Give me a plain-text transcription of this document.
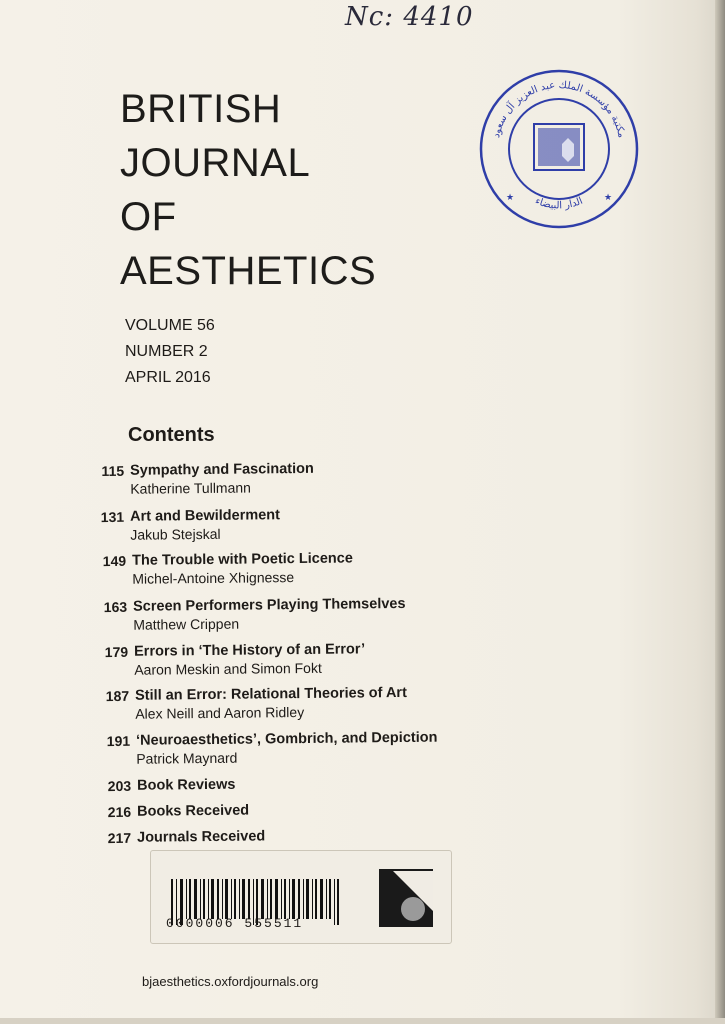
Nc: 4410
BRITISH
JOURNAL
OF
AESTHETICS
VOLUME 56
NUMBER 2
APRIL 2016
Contents
115 Sympathy and Fascination
Katherine Tullmann
131 Art and Bewilderment
Jakub Stejskal
149 The Trouble with Poetic Licence
Michel-Antoine Xhignesse
163 Screen Performers Playing Themselves
Matthew Crippen
179 Errors in ‘The History of an Error’
Aaron Meskin and Simon Fokt
187 Still an Error: Relational Theories of Art
Alex Neill and Aaron Ridley
191 ‘Neuroaesthetics’, Gombrich, and Depiction
Patrick Maynard
203 Book Reviews
216 Books Received
217 Journals Received
مكتبة مؤسسة الملك عبد العزيز آل سعود
الدار البيضاء
★	★
0000006 555511
bjaesthetics.oxfordjournals.org
